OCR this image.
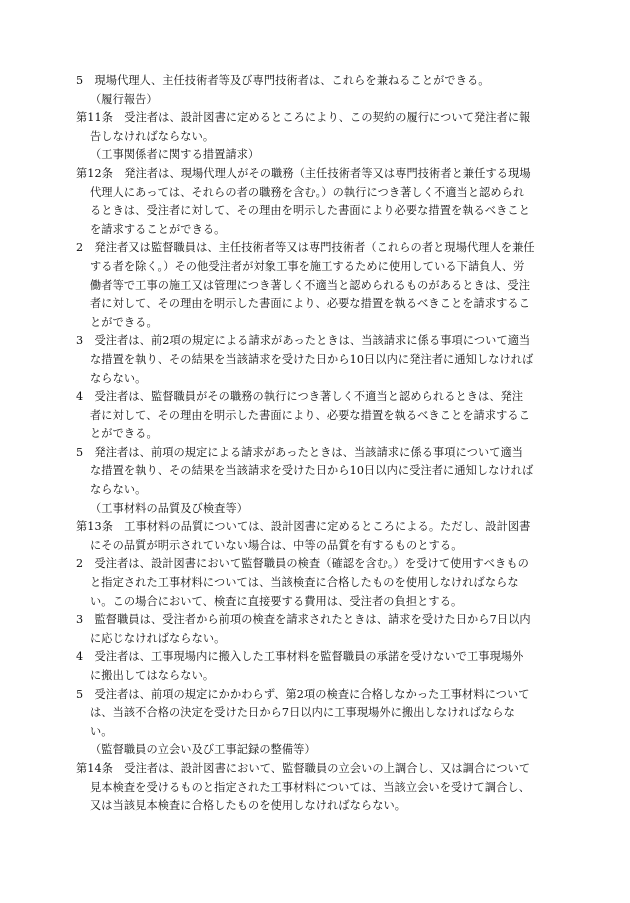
5　現場代理人、主任技術者等及び専門技術者は、これらを兼ねることができる。
（履行報告）
第11条　受注者は、設計図書に定めるところにより、この契約の履行について発注者に報
告しなければならない。
（工事関係者に関する措置請求）
第12条　発注者は、現場代理人がその職務（主任技術者等又は専門技術者と兼任する現場
代理人にあっては、それらの者の職務を含む。）の執行につき著しく不適当と認められ
るときは、受注者に対して、その理由を明示した書面により必要な措置を執るべきこと
を請求することができる。
2　発注者又は監督職員は、主任技術者等又は専門技術者（これらの者と現場代理人を兼任
する者を除く。）その他受注者が対象工事を施工するために使用している下請負人、労
働者等で工事の施工又は管理につき著しく不適当と認められるものがあるときは、受注
者に対して、その理由を明示した書面により、必要な措置を執るべきことを請求するこ
とができる。
3　受注者は、前2項の規定による請求があったときは、当該請求に係る事項について適当
な措置を執り、その結果を当該請求を受けた日から10日以内に発注者に通知しなければ
ならない。
4　受注者は、監督職員がその職務の執行につき著しく不適当と認められるときは、発注
者に対して、その理由を明示した書面により、必要な措置を執るべきことを請求するこ
とができる。
5　発注者は、前項の規定による請求があったときは、当該請求に係る事項について適当
な措置を執り、その結果を当該請求を受けた日から10日以内に受注者に通知しなければ
ならない。
（工事材料の品質及び検査等）
第13条　工事材料の品質については、設計図書に定めるところによる。ただし、設計図書
にその品質が明示されていない場合は、中等の品質を有するものとする。
2　受注者は、設計図書において監督職員の検査（確認を含む。）を受けて使用すべきもの
と指定された工事材料については、当該検査に合格したものを使用しなければならな
い。この場合において、検査に直接要する費用は、受注者の負担とする。
3　監督職員は、受注者から前項の検査を請求されたときは、請求を受けた日から7日以内
に応じなければならない。
4　受注者は、工事現場内に搬入した工事材料を監督職員の承諾を受けないで工事現場外
に搬出してはならない。
5　受注者は、前項の規定にかかわらず、第2項の検査に合格しなかった工事材料について
は、当該不合格の決定を受けた日から7日以内に工事現場外に搬出しなければならな
い。
（監督職員の立会い及び工事記録の整備等）
第14条　受注者は、設計図書において、監督職員の立会いの上調合し、又は調合について
見本検査を受けるものと指定された工事材料については、当該立会いを受けて調合し、
又は当該見本検査に合格したものを使用しなければならない。
